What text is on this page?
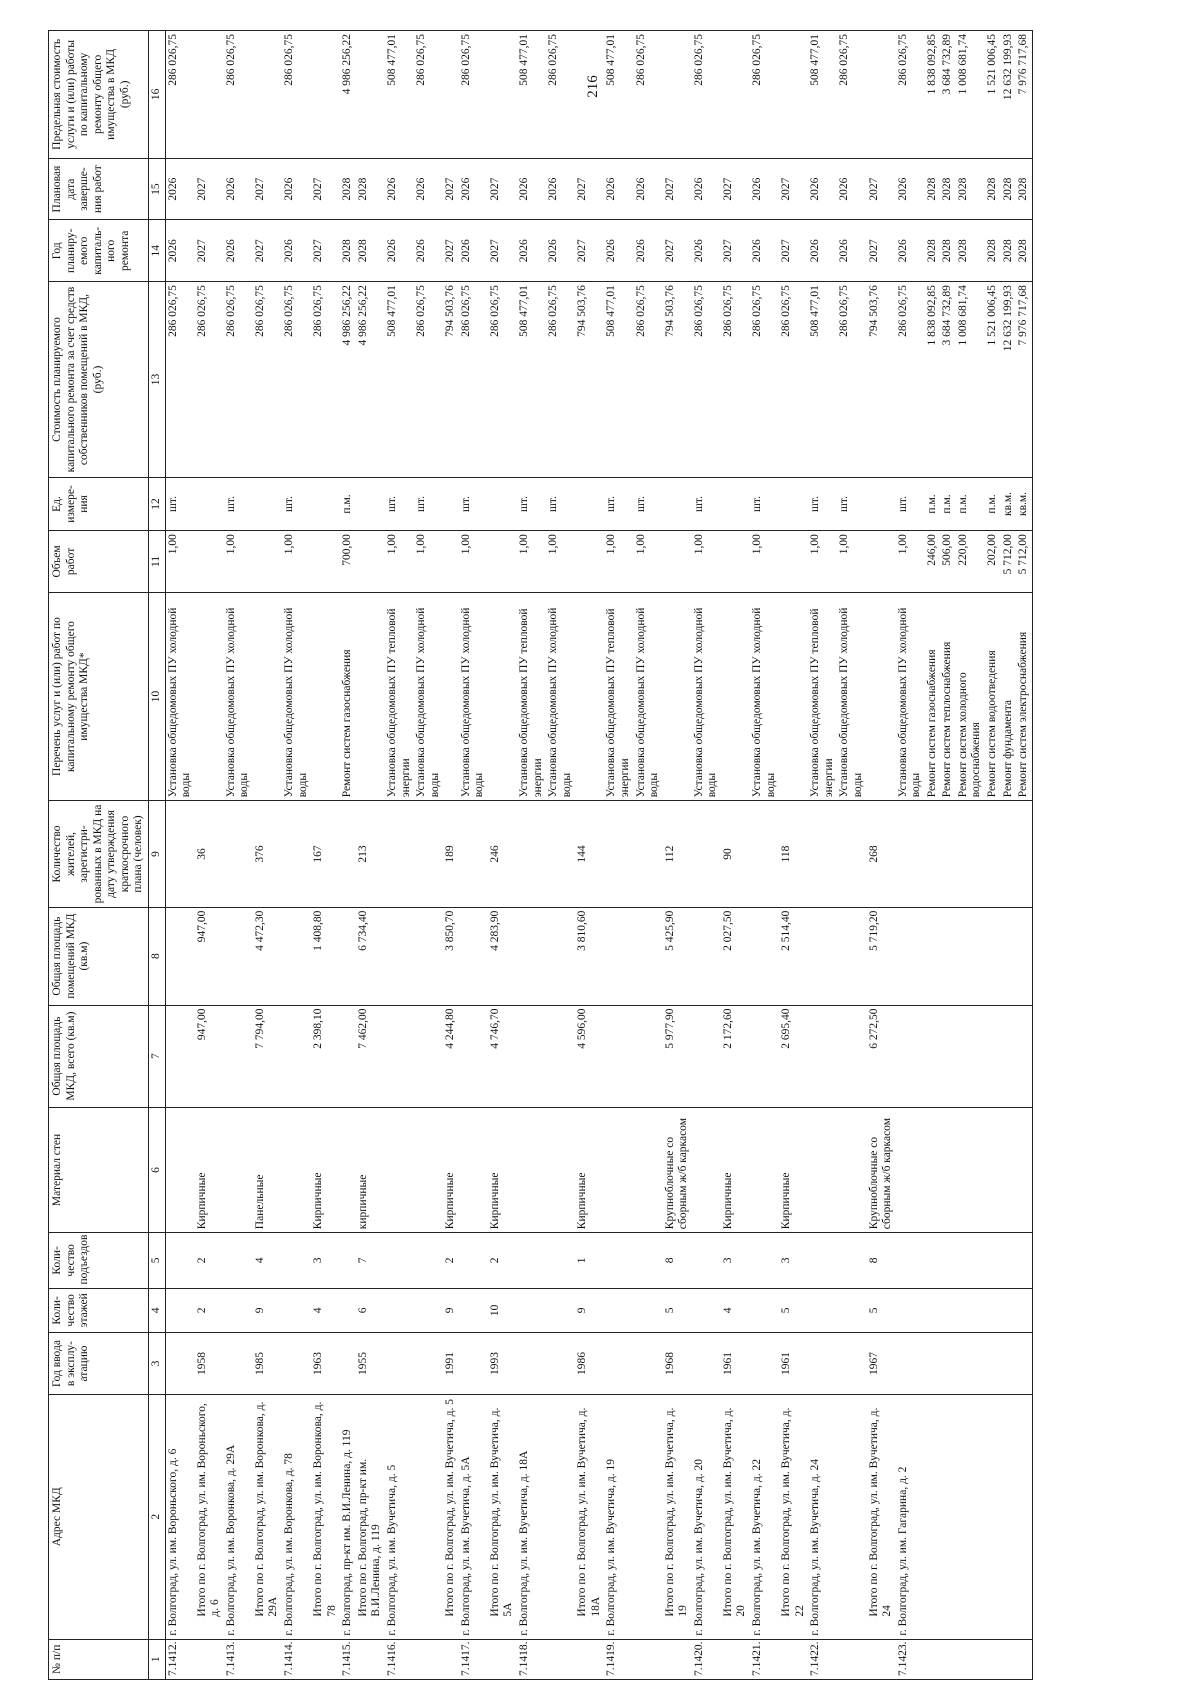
216
№ п/п	Адрес МКД	Год ввода в эксплу-атацию	Коли-чество этажей	Коли-чество подъездов	Материал стен	Общая площадь МКД, всего (кв.м)	Общая площадь помещений МКД (кв.м)	Количество жителей, зарегистри-рованных в МКД на дату утверждения краткосрочного плана (человек)	Перечень услуг и (или) работ по капитальному ремонту общего имущества МКД*	Объем работ	Ед. измере-ния	Стоимость планируемого капитального ремонта за счет средств собственников помещений в МКД, (руб.)	Год планиру-емого капиталь-ного ремонта	Плановая дата заверше-ния работ	Предельная стоимость услуги и (или) работы по капитальному ремонту общего имущества в МКД (руб.)
1	2	3	4	5	6	7	8	9	10	11	12	13	14	15	16
7.1412.	г. Волгоград, ул. им. Вороньского, д. 6								Установка общедомовых ПУ холодной воды	1,00	шт.	286 026,75	2026	2026	286 026,75
	Итого по г. Волгоград, ул. им. Вороньского, д. 6	1958	2	2	Кирпичные	947,00	947,00	36				286 026,75	2027	2027	
7.1413.	г. Волгоград, ул. им. Воронкова, д. 29А								Установка общедомовых ПУ холодной воды	1,00	шт.	286 026,75	2026	2026	286 026,75
	Итого по г. Волгоград, ул. им. Воронкова, д. 29А	1985	9	4	Панельные	7 794,00	4 472,30	376				286 026,75	2027	2027	
7.1414.	г. Волгоград, ул. им. Воронкова, д. 78								Установка общедомовых ПУ холодной воды	1,00	шт.	286 026,75	2026	2026	286 026,75
	Итого по г. Волгоград, ул. им. Воронкова, д. 78	1963	4	3	Кирпичные	2 398,10	1 408,80	167				286 026,75	2027	2027	
7.1415.	г. Волгоград, пр-кт им. В.И.Ленина, д. 119								Ремонт систем газоснабжения	700,00	п.м.	4 986 256,22	2028	2028	4 986 256,22
	Итого по г. Волгоград, пр-кт им. В.И.Ленина, д. 119	1955	6	7	кирпичные	7 462,00	6 734,40	213				4 986 256,22	2028	2028	
7.1416.	г. Волгоград, ул. им. Вучетича, д. 5								Установка общедомовых ПУ тепловой энергии	1,00	шт.	508 477,01	2026	2026	508 477,01
									Установка общедомовых ПУ холодной воды	1,00	шт.	286 026,75	2026	2026	286 026,75
	Итого по г. Волгоград, ул. им. Вучетича, д. 5	1991	9	2	Кирпичные	4 244,80	3 850,70	189				794 503,76	2027	2027	
7.1417.	г. Волгоград, ул. им. Вучетича, д. 5А								Установка общедомовых ПУ холодной воды	1,00	шт.	286 026,75	2026	2026	286 026,75
	Итого по г. Волгоград, ул. им. Вучетича, д. 5А	1993	10	2	Кирпичные	4 746,70	4 283,90	246				286 026,75	2027	2027	
7.1418.	г. Волгоград, ул. им. Вучетича, д. 18А								Установка общедомовых ПУ тепловой энергии	1,00	шт.	508 477,01	2026	2026	508 477,01
									Установка общедомовых ПУ холодной воды	1,00	шт.	286 026,75	2026	2026	286 026,75
	Итого по г. Волгоград, ул. им. Вучетича, д. 18А	1986	9	1	Кирпичные	4 596,00	3 810,60	144				794 503,76	2027	2027	
7.1419.	г. Волгоград, ул. им. Вучетича, д. 19								Установка общедомовых ПУ тепловой энергии	1,00	шт.	508 477,01	2026	2026	508 477,01
									Установка общедомовых ПУ холодной воды	1,00	шт.	286 026,75	2026	2026	286 026,75
	Итого по г. Волгоград, ул. им. Вучетича, д. 19	1968	5	8	Крупноблочные со сборным ж/б каркасом	5 977,90	5 425,90	112				794 503,76	2027	2027	
7.1420.	г. Волгоград, ул. им. Вучетича, д. 20								Установка общедомовых ПУ холодной воды	1,00	шт.	286 026,75	2026	2026	286 026,75
	Итого по г. Волгоград, ул. им. Вучетича, д. 20	1961	4	3	Кирпичные	2 172,60	2 027,50	90				286 026,75	2027	2027	
7.1421.	г. Волгоград, ул. им. Вучетича, д. 22								Установка общедомовых ПУ холодной воды	1,00	шт.	286 026,75	2026	2026	286 026,75
	Итого по г. Волгоград, ул. им. Вучетича, д. 22	1961	5	3	Кирпичные	2 695,40	2 514,40	118				286 026,75	2027	2027	
7.1422.	г. Волгоград, ул. им. Вучетича, д. 24								Установка общедомовых ПУ тепловой энергии	1,00	шт.	508 477,01	2026	2026	508 477,01
									Установка общедомовых ПУ холодной воды	1,00	шт.	286 026,75	2026	2026	286 026,75
	Итого по г. Волгоград, ул. им. Вучетича, д. 24	1967	5	8	Крупноблочные со сборным ж/б каркасом	6 272,50	5 719,20	268				794 503,76	2027	2027	
7.1423.	г. Волгоград, ул. им. Гагарина, д. 2								Установка общедомовых ПУ холодной воды	1,00	шт.	286 026,75	2026	2026	286 026,75
									Ремонт систем газоснабжения	246,00	п.м.	1 838 092,85	2028	2028	1 838 092,85
									Ремонт систем теплоснабжения	506,00	п.м.	3 684 732,89	2028	2028	3 684 732,89
									Ремонт систем холодного водоснабжения	220,00	п.м.	1 008 681,74	2028	2028	1 008 681,74
									Ремонт систем водоотведения	202,00	п.м.	1 521 006,45	2028	2028	1 521 006,45
									Ремонт фундамента	5 712,00	кв.м.	12 632 199,93	2028	2028	12 632 199,93
									Ремонт систем электроснабжения	5 712,00	кв.м.	7 976 717,68	2028	2028	7 976 717,68
